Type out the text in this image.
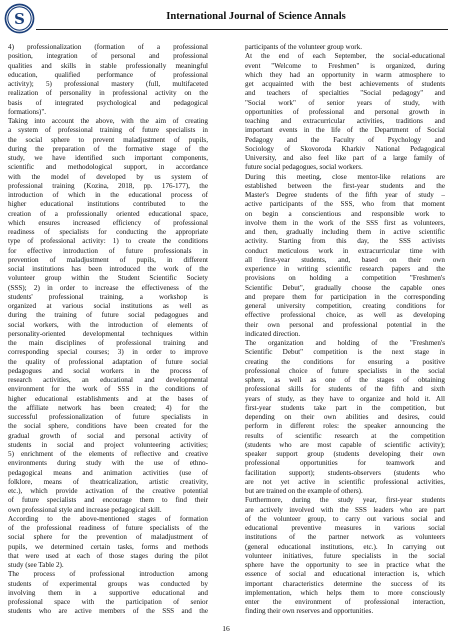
S	International Journal of Science Annals
4) professionalization (formation of a professional
position, integration of personal and professional
qualities and skills in stable professionally meaningful
education, qualified performance of professional
activity); 5) professional mastery (full, multifaceted
realization of personality in professional activity on the
basis of integrated psychological and pedagogical
formations)".
Taking into account the above, with the aim of creating
a system of professional training of future specialists in
the social sphere to prevent maladjustment of pupils,
during the preparation of the formative stage of the
study, we have identified such important components,
scientific and methodological support, in accordance
with the model of developed by us system of
professional training (Kozina, 2018, pp. 176-177), the
introduction of which in the educational process of
higher educational institutions contributed to the
creation of a professionally oriented educational space,
which ensures increased efficiency of professional
readiness of specialists for conducting the appropriate
type of professional activity: 1) to create the conditions
for effective introduction of future professionals in
prevention of maladjustment of pupils, in different
social institutions has been introduced the work of the
volunteer group within the Student Scientific Society
(SSS); 2) in order to increase the effectiveness of the
students' professional training, a workshop is
organized at various social institutions as well as
during the training of future social pedagogues and
social workers, with the introduction of elements of
personality-oriented developmental techniques within
the main disciplines of professional training and
corresponding special courses; 3) in order to improve
the quality of professional adaptation of future social
pedagogues and social workers in the process of
research activities, an educational and developmental
environment for the work of SSS in the conditions of
higher educational establishments and at the bases of
the affiliate network has been created; 4) for the
successful professionalization of future specialists in
the social sphere, conditions have been created for the
gradual growth of social and personal activity of
students in social and project volunteering activities;
5) enrichment of the elements of reflective and creative
environments during study with the use of ethno-
pedagogical means and animation activities (use of
folklore, means of theatricalization, artistic creativity,
etc.), which provide activation of the creative potential
of future specialists and encourage them to find their
own professional style and increase pedagogical skill.
According to the above-mentioned stages of formation
of the professional readiness of future specialists of the
social sphere for the prevention of maladjustment of
pupils, we determined certain tasks, forms and methods
that were used at each of those stages during the pilot
study (see Table 2).
The process of professional introduction among
students of experimental groups was conducted by
involving them in a supportive educational and
professional space with the participation of senior
students who are active members of the SSS and the
participants of the volunteer group work.
At the end of each September, the social-educational
event "Welcome to Freshmen" is organized, during
which they had an opportunity in warm atmosphere to
get acquainted with the best achievements of students
and teachers of specialties "Social pedagogy" and
"Social work" of senior years of study, with
opportunities of professional and personal growth in
teaching and extracurricular activities, traditions and
important events in the life of the Department of Social
Pedagogy and the Faculty of Psychology and
Sociology of Skovoroda Kharkiv National Pedagogical
University, and also feel like part of a large family of
future social pedagogues, social workers.
During this meeting, close mentor-like relations are
established between the first-year students and the
Master's Degree students of the fifth year of study –
active participants of the SSS, who from that moment
on begin a conscientious and responsible work to
involve them in the work of the SSS first as volunteers,
and then, gradually including them in active scientific
activity. Starting from this day, the SSS activists
conduct meticulous work in extracurricular time with
all first-year students, and, based on their own
experience in writing scientific research papers and the
provisions on holding a competition "Freshmen's
Scientific Debut", gradually choose the capable ones
and prepare them for participation in the corresponding
general university competition, creating conditions for
effective professional choice, as well as developing
their own personal and professional potential in the
indicated direction.
The organization and holding of the "Freshmen's
Scientific Debut" competition is the next stage in
creating the conditions for ensuring a positive
professional choice of future specialists in the social
sphere, as well as one of the stages of obtaining
professional skills for students of the fifth and sixth
years of study, as they have to organize and hold it. All
first-year students take part in the competition, but
depending on their own abilities and desires, could
perform in different roles: the speaker announcing the
results of scientific research at the competition
(students who are most capable of scientific activity);
speaker support group (students developing their own
professional opportunities for teamwork and
facilitation support); students-observers (students who
are not yet active in scientific professional activities,
but are trained on the example of others).
Furthermore, during the study year, first-year students
are actively involved with the SSS leaders who are part
of the volunteer group, to carry out various social and
educational preventive measures in various social
institutions of the partner network as volunteers
(general educational institutions, etc.). In carrying out
volunteer initiatives, future specialists in the social
sphere have the opportunity to see in practice what the
essence of social and educational interaction is, which
important characteristics determine the success of its
implementation, which helps them to more consciously
enter the environment of professional interaction,
finding their own reserves and opportunities.
16
